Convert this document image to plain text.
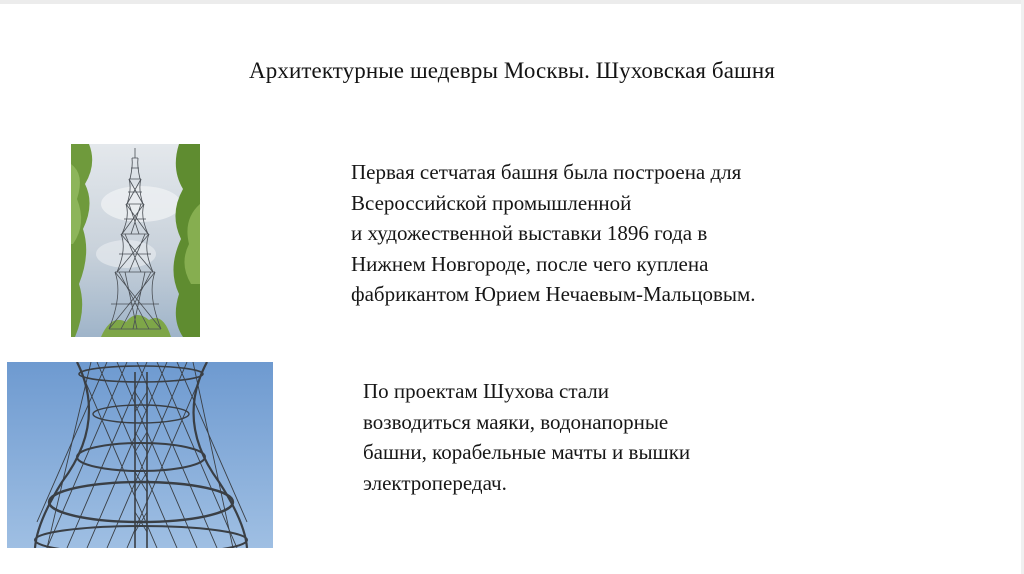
Архитектурные шедевры Москвы. Шуховская башня

Первая сетчатая башня была построена для
Всероссийской промышленной
и художественной выставки 1896 года в
Нижнем Новгороде, после чего куплена
фабрикантом Юрием Нечаевым-Мальцовым.

По проектам Шухова стали
возводиться маяки, водонапорные
башни, корабельные мачты и вышки
электропередач.
